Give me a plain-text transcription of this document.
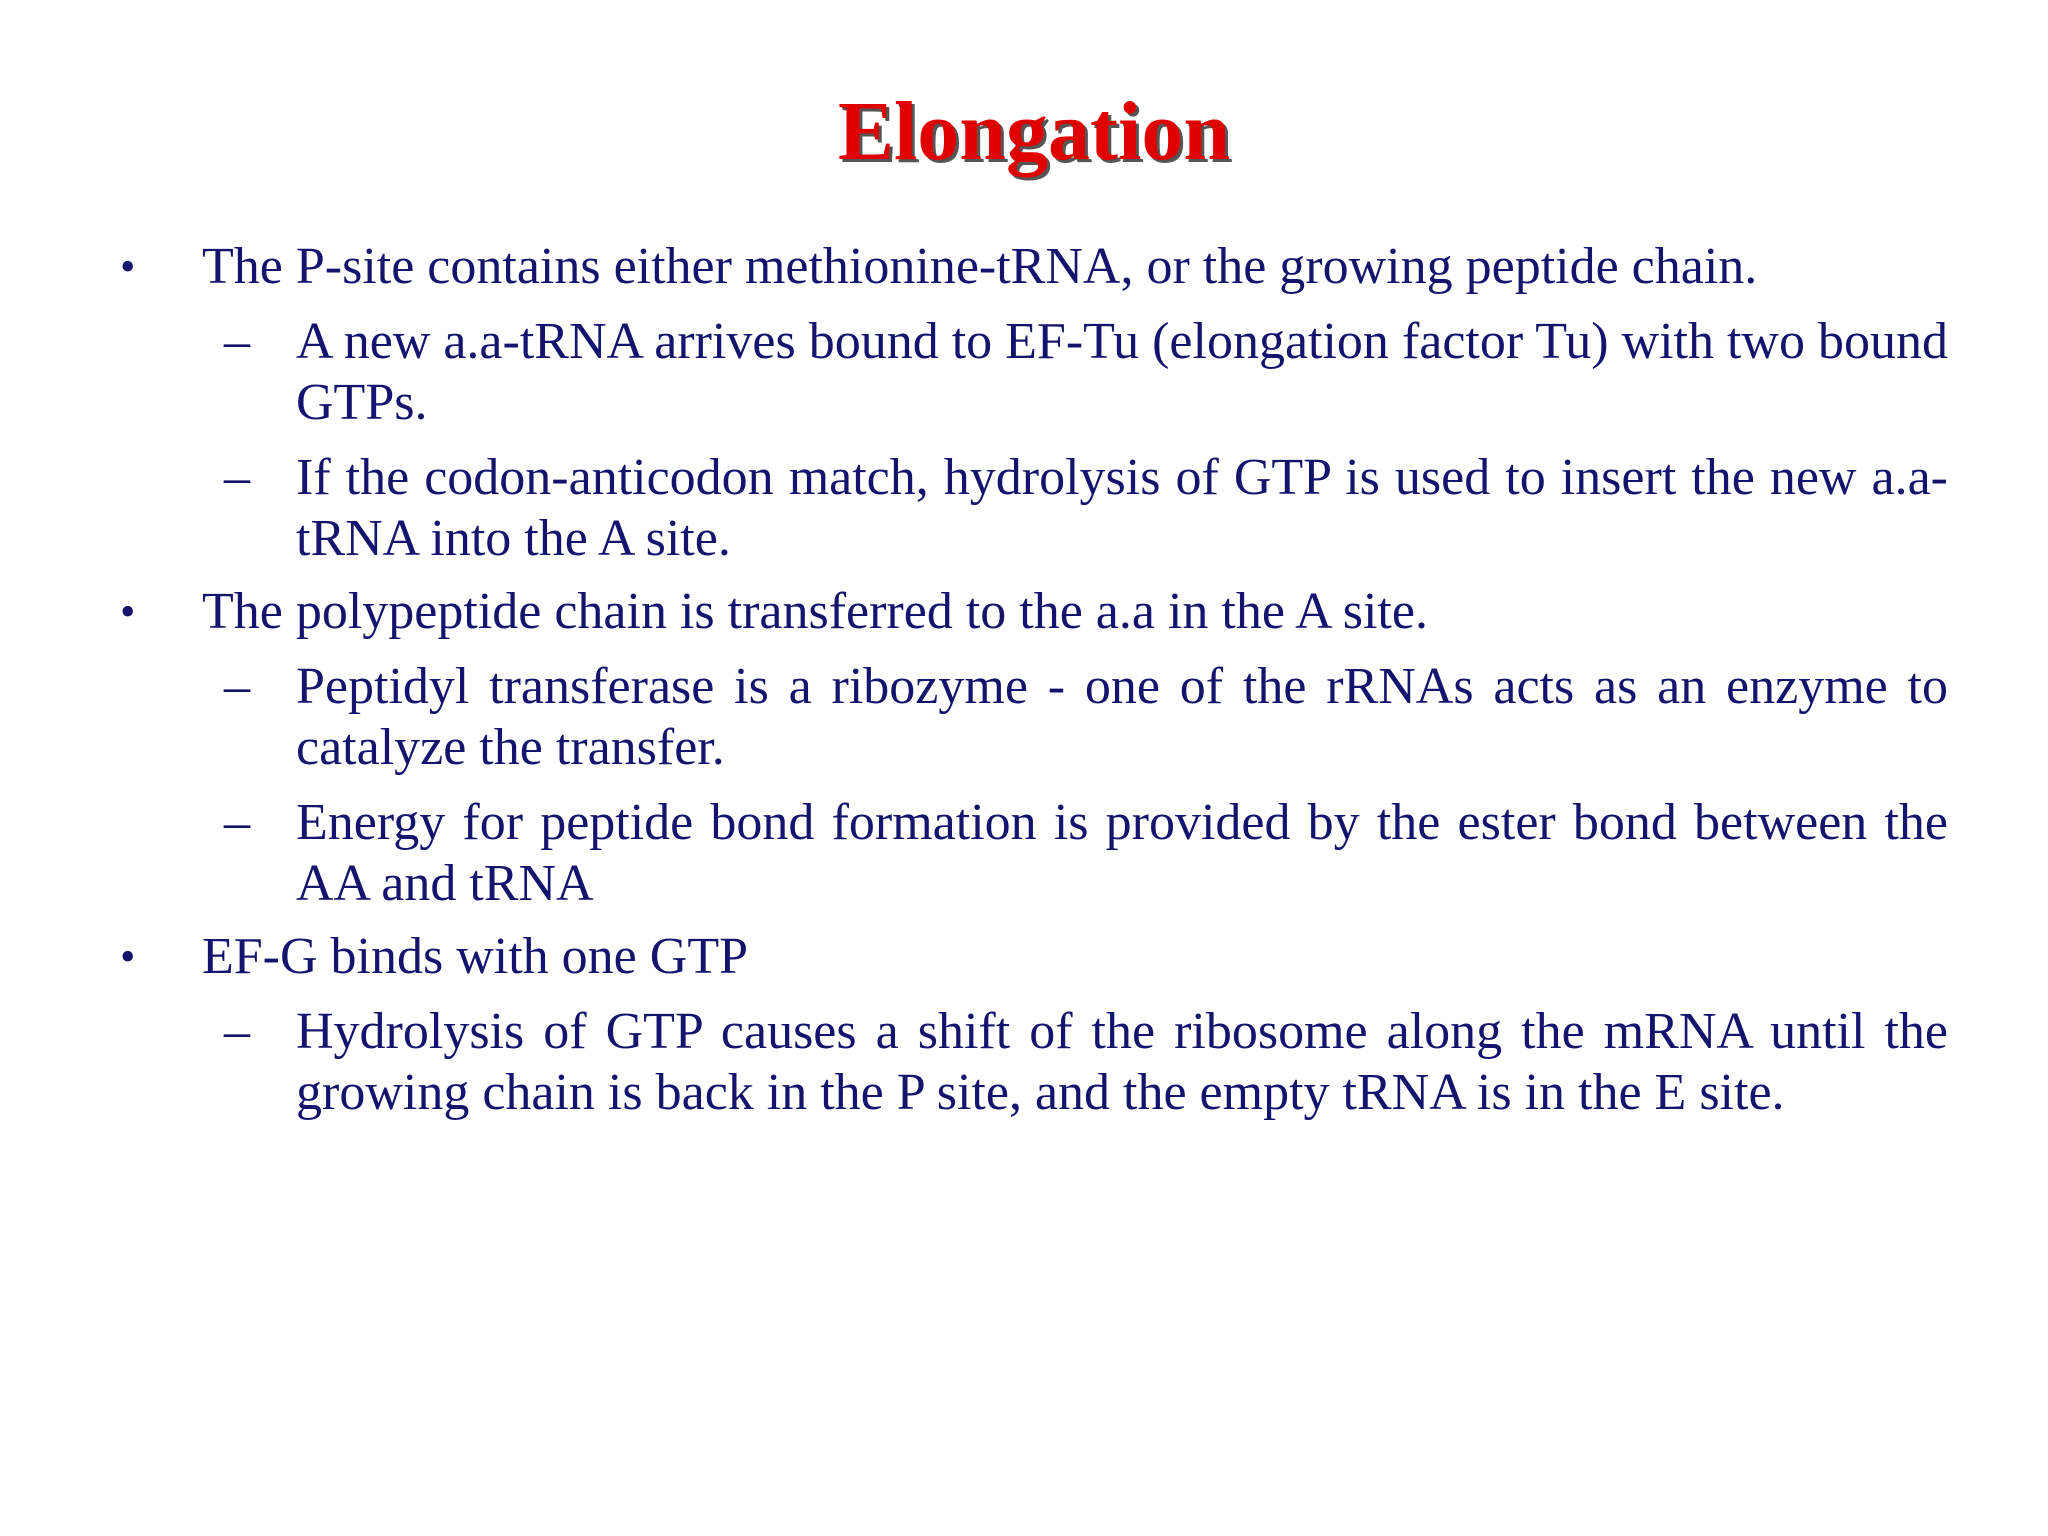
Elongation
•	The P-site contains either methionine-tRNA, or the growing peptide chain.
– A new a.a-tRNA arrives bound to EF-Tu (elongation factor Tu) with two bound GTPs.
– If the codon-anticodon match, hydrolysis of GTP is used to insert the new a.a-tRNA into the A site.
•	The polypeptide chain is transferred to the a.a in the A site.
– Peptidyl transferase is a ribozyme - one of the rRNAs acts as an enzyme to catalyze the transfer.
– Energy for peptide bond formation is provided by the ester bond between the AA and tRNA
•	EF-G binds with one GTP
– Hydrolysis of GTP causes a shift of the ribosome along the mRNA until the growing chain is back in the P site, and the empty tRNA is in the E site.
